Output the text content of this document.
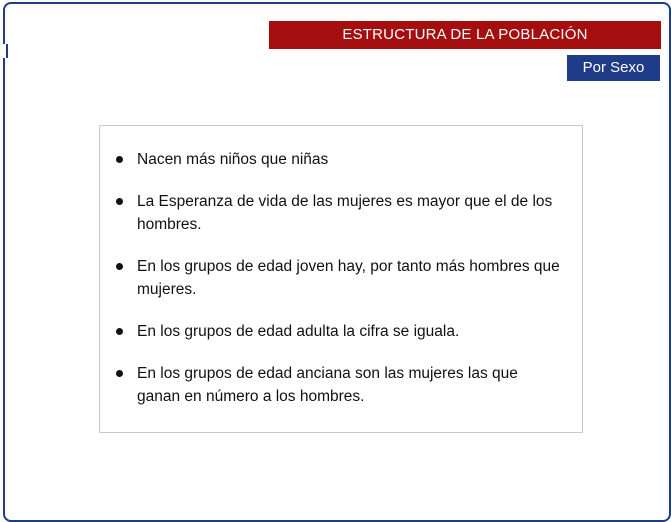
ESTRUCTURA DE LA POBLACIÓN
Por Sexo
Nacen más niños que niñas
La Esperanza de vida de las mujeres es mayor que el de los hombres.
En los grupos de edad joven hay, por tanto más hombres que mujeres.
En los grupos de edad adulta la cifra se iguala.
En los grupos de edad anciana son las mujeres las que ganan en número a los hombres.
